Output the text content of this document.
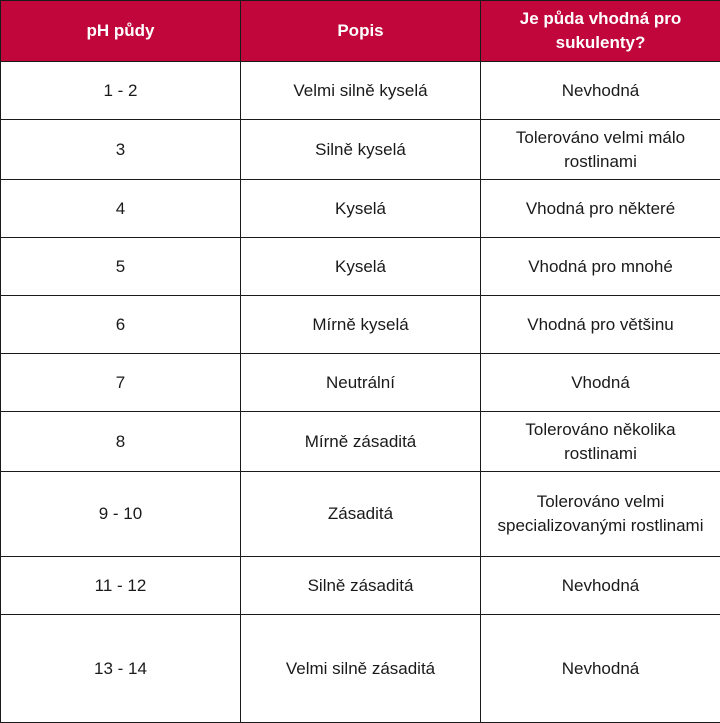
pH půdy	Popis	Je půda vhodná pro sukulenty?
1 - 2	Velmi silně kyselá	Nevhodná
3	Silně kyselá	Tolerováno velmi málo rostlinami
4	Kyselá	Vhodná pro některé
5	Kyselá	Vhodná pro mnohé
6	Mírně kyselá	Vhodná pro většinu
7	Neutrální	Vhodná
8	Mírně zásaditá	Tolerováno několika rostlinami
9 - 10	Zásaditá	Tolerováno velmi specializovanými rostlinami
11 - 12	Silně zásaditá	Nevhodná
13 - 14	Velmi silně zásaditá	Nevhodná
